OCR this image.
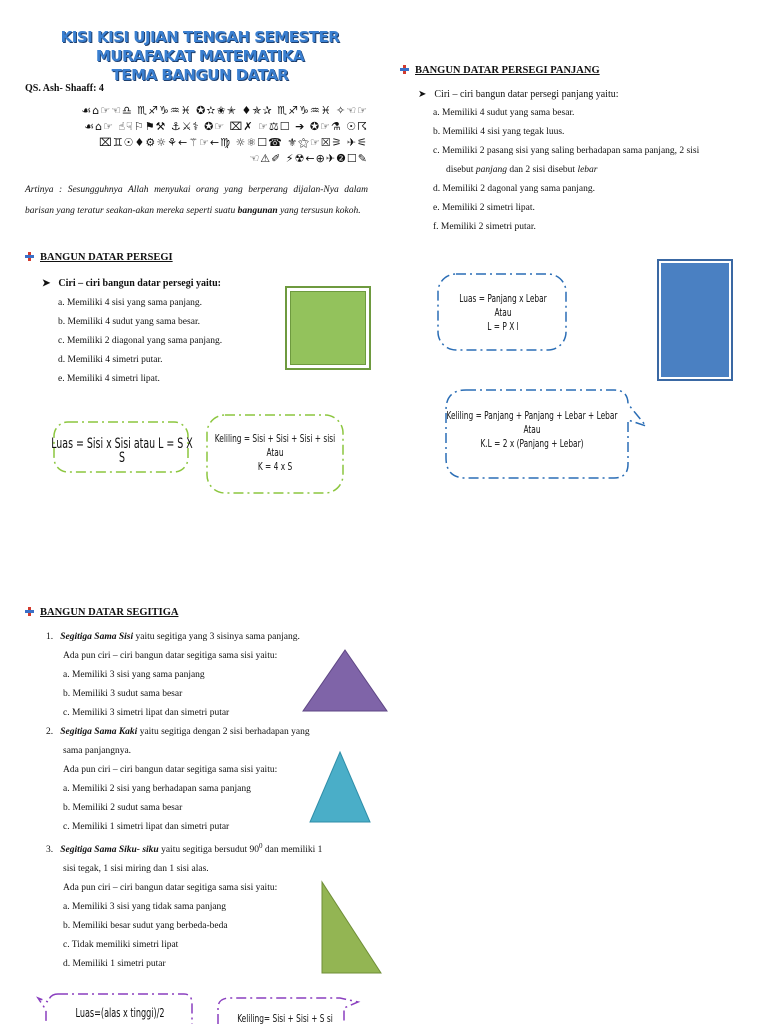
KISI KISI UJIAN TENGAH SEMESTER MURAFAKAT MATEMATIKA
TEMA BANGUN DATAR
QS. Ash- Shaaff: 4
☙⌂☞☜♎ ♏♐♑♒♓ ✪✫✬✭ ♦✯✰ ♏♐♑♒♓ ✧☜☞
☙⌂☞ ☝☟⚐⚑⚒ ⚓⚔⚕ ✪☞ ⌧✗ ☞⚖☐ ➔ ✪☞⚗ ☉☈
⌧♊☉♦⚙☼⚘←⚚☞←♍ ☼⚛☐☎ ⚜⚝☞☒⚞ ✈⚟
☜⚠✐ ⚡☢←⊕✈❷☐✎
Artinya : Sesungguhnya Allah menyukai orang yang berperang dijalan-Nya dalam barisan yang teratur seakan-akan mereka seperti suatu bangunan yang tersusun kokoh.
BANGUN DATAR PERSEGI
➤ Ciri – ciri bangun datar persegi yaitu:
a. Memiliki 4 sisi yang sama panjang.
b. Memiliki 4 sudut yang sama besar.
c. Memiliki 2 diagonal yang sama panjang.
d. Memiliki 4 simetri putar.
e. Memiliki 4 simetri lipat.
Luas = Sisi x Sisi atau L = S X S
Keliling = Sisi + Sisi + Sisi + sisi
Atau
K = 4 x S
BANGUN DATAR PERSEGI PANJANG
➤ Ciri – ciri bangun datar persegi panjang yaitu:
a. Memiliki 4 sudut yang sama besar.
b. Memiliki 4 sisi yang tegak luus.
c. Memiliki 2 pasang sisi yang saling berhadapan sama panjang, 2 sisi
disebut panjang dan 2 sisi disebut lebar
d. Memiliki 2 dagonal yang sama panjang.
e. Memiliki 2 simetri lipat.
f. Memiliki 2 simetri putar.
Luas = Panjang x Lebar
Atau
L = P X l
Keliling = Panjang + Panjang + Lebar + Lebar
Atau
K.L = 2 x (Panjang + Lebar)
BANGUN DATAR SEGITIGA
1. Segitiga Sama Sisi yaitu segitiga yang 3 sisinya sama panjang.
Ada pun ciri – ciri bangun datar segitiga sama sisi yaitu:
a. Memiliki 3 sisi yang sama panjang
b. Memiliki 3 sudut sama besar
c. Memiliki 3 simetri lipat dan simetri putar
2. Segitiga Sama Kaki yaitu segitiga dengan 2 sisi berhadapan yang
sama panjangnya.
Ada pun ciri – ciri bangun datar segitiga sama sisi yaitu:
a. Memiliki 2 sisi yang berhadapan sama panjang
b. Memiliki 2 sudut sama besar
c. Memiliki 1 simetri lipat dan simetri putar
3. Segitiga Sama Siku- siku yaitu segitiga bersudut $90^0$ dan memiliki 1
sisi tegak, 1 sisi miring dan 1 sisi alas.
Ada pun ciri – ciri bangun datar segitiga sama sisi yaitu:
a. Memiliki 3 sisi yang tidak sama panjang
b. Memiliki besar sudut yang berbeda-beda
c. Tidak memiliki simetri lipat
d. Memiliki 1 simetri putar
Luas=(alas x tinggi)/2	Keliling= Sisi + Sisi + S si
